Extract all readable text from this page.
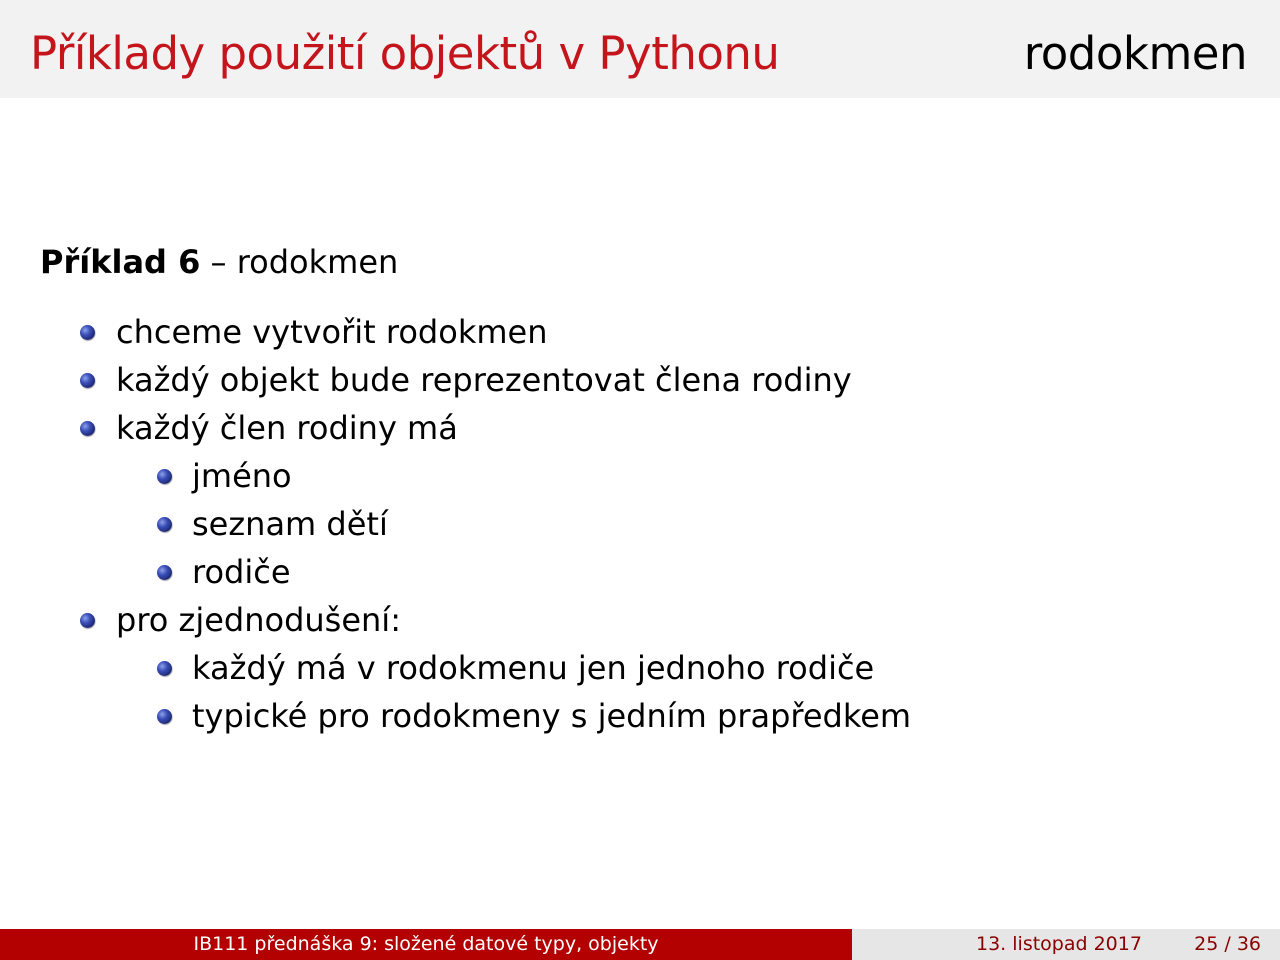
Příklady použití objektů v Pythonu	rodokmen
Příklad 6 – rodokmen
chceme vytvořit rodokmen
každý objekt bude reprezentovat člena rodiny
každý člen rodiny má
jméno
seznam dětí
rodiče
pro zjednodušení:
každý má v rodokmenu jen jednoho rodiče
typické pro rodokmeny s jedním prapředkem
IB111 přednáška 9: složené datové typy, objekty	13. listopad 2017	25 / 36
